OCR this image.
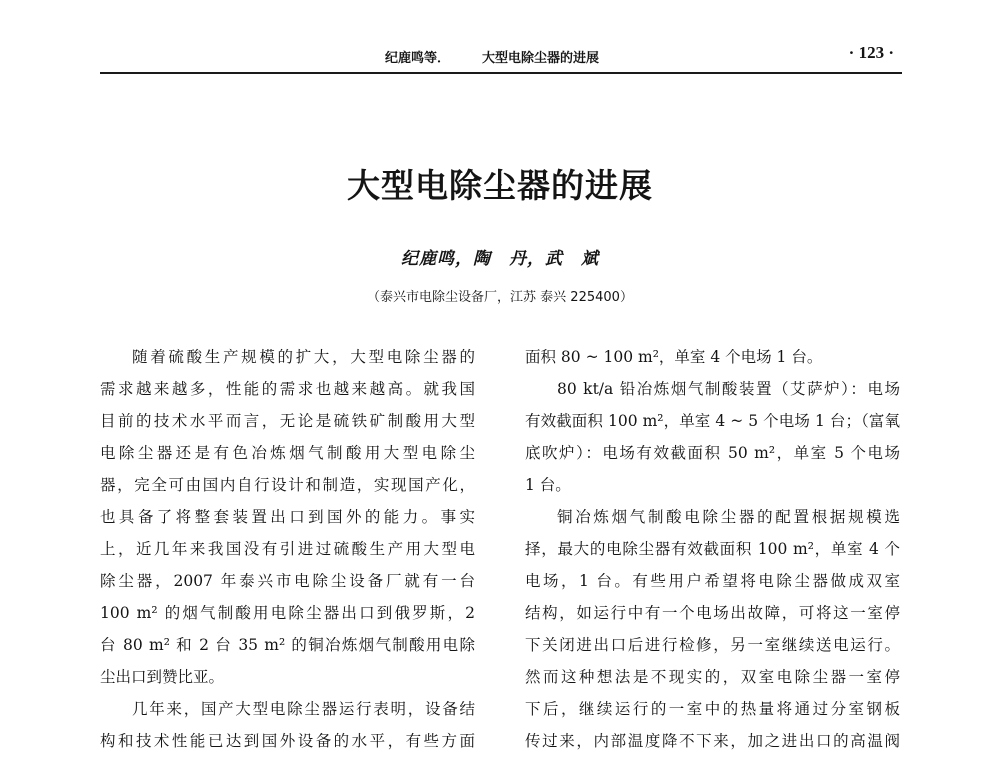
纪鹿鸣等． 大型电除尘器的进展	· 123 ·
大型电除尘器的进展
纪鹿鸣，陶　丹，武　斌
（泰兴市电除尘设备厂，江苏 泰兴 225400）
随着硫酸生产规模的扩大，大型电除尘器的
需求越来越多，性能的需求也越来越高。就我国
目前的技术水平而言，无论是硫铁矿制酸用大型
电除尘器还是有色冶炼烟气制酸用大型电除尘
器，完全可由国内自行设计和制造，实现国产化，
也具备了将整套装置出口到国外的能力。事实
上，近几年来我国没有引进过硫酸生产用大型电
除尘器，2007 年泰兴市电除尘设备厂就有一台
100 m² 的烟气制酸用电除尘器出口到俄罗斯，2
台 80 m² 和 2 台 35 m² 的铜冶炼烟气制酸用电除
尘出口到赞比亚。
几年来，国产大型电除尘器运行表明，设备结
构和技术性能已达到国外设备的水平，有些方面
面积 80 ~ 100 m²，单室 4 个电场 1 台。
80 kt/a 铅冶炼烟气制酸装置（艾萨炉）：电场
有效截面积 100 m²，单室 4 ~ 5 个电场 1 台；（富氧
底吹炉）：电场有效截面积 50 m²，单室 5 个电场
1 台。
铜冶炼烟气制酸电除尘器的配置根据规模选
择，最大的电除尘器有效截面积 100 m²，单室 4 个
电场，1 台。有些用户希望将电除尘器做成双室
结构，如运行中有一个电场出故障，可将这一室停
下关闭进出口后进行检修，另一室继续送电运行。
然而这种想法是不现实的，双室电除尘器一室停
下后，继续运行的一室中的热量将通过分室钢板
传过来，内部温度降不下来，加之进出口的高温阀
